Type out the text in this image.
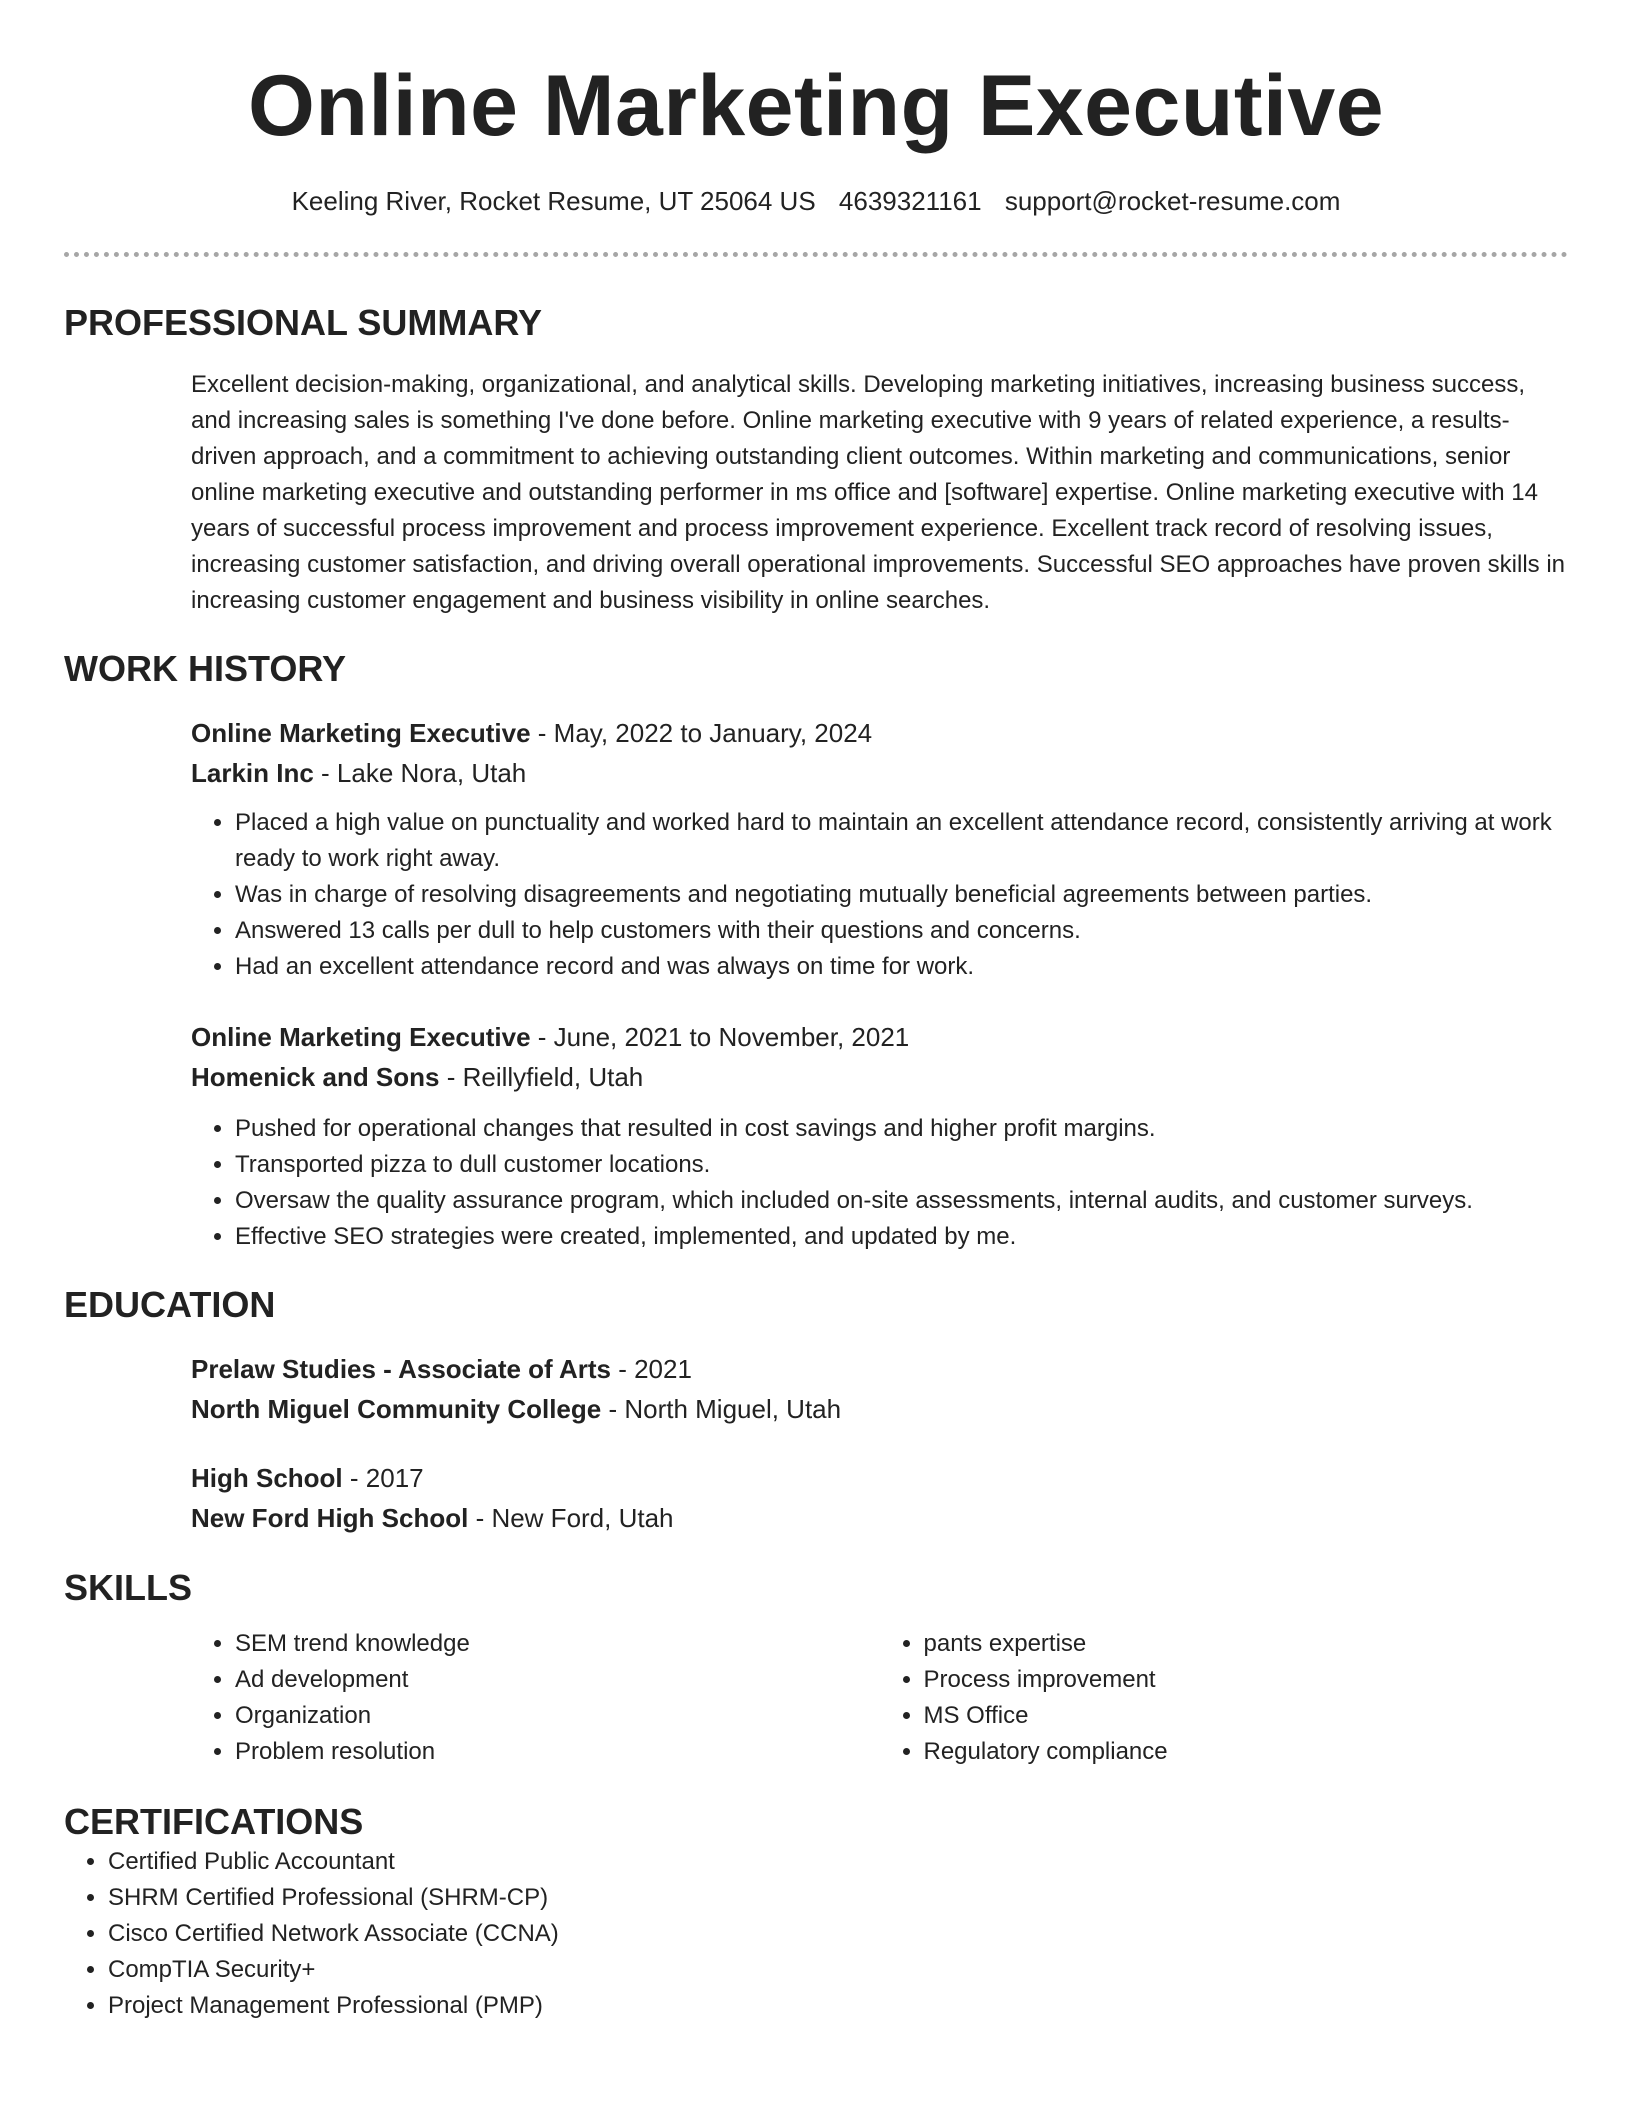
Online Marketing Executive
Keeling River, Rocket Resume, UT 25064 US 4639321161 support@rocket-resume.com
PROFESSIONAL SUMMARY

Excellent decision-making, organizational, and analytical skills. Developing marketing initiatives, increasing business success, and increasing sales is something I've done before. Online marketing executive with 9 years of related experience, a results-driven approach, and a commitment to achieving outstanding client outcomes. Within marketing and communications, senior online marketing executive and outstanding performer in ms office and [software] expertise. Online marketing executive with 14 years of successful process improvement and process improvement experience. Excellent track record of resolving issues, increasing customer satisfaction, and driving overall operational improvements. Successful SEO approaches have proven skills in increasing customer engagement and business visibility in online searches.

WORK HISTORY
Online Marketing Executive - May, 2022 to January, 2024
Larkin Inc - Lake Nora, Utah
• Placed a high value on punctuality and worked hard to maintain an excellent attendance record, consistently arriving at work ready to work right away.
• Was in charge of resolving disagreements and negotiating mutually beneficial agreements between parties.
• Answered 13 calls per dull to help customers with their questions and concerns.
• Had an excellent attendance record and was always on time for work.
Online Marketing Executive - June, 2021 to November, 2021
Homenick and Sons - Reillyfield, Utah
• Pushed for operational changes that resulted in cost savings and higher profit margins.
• Transported pizza to dull customer locations.
• Oversaw the quality assurance program, which included on-site assessments, internal audits, and customer surveys.
• Effective SEO strategies were created, implemented, and updated by me.
EDUCATION
Prelaw Studies - Associate of Arts - 2021
North Miguel Community College - North Miguel, Utah
High School - 2017
New Ford High School - New Ford, Utah
SKILLS
• SEM trend knowledge
• Ad development
• Organization
• Problem resolution
• pants expertise
• Process improvement
• MS Office
• Regulatory compliance
CERTIFICATIONS
• Certified Public Accountant
• SHRM Certified Professional (SHRM-CP)
• Cisco Certified Network Associate (CCNA)
• CompTIA Security+
• Project Management Professional (PMP)
